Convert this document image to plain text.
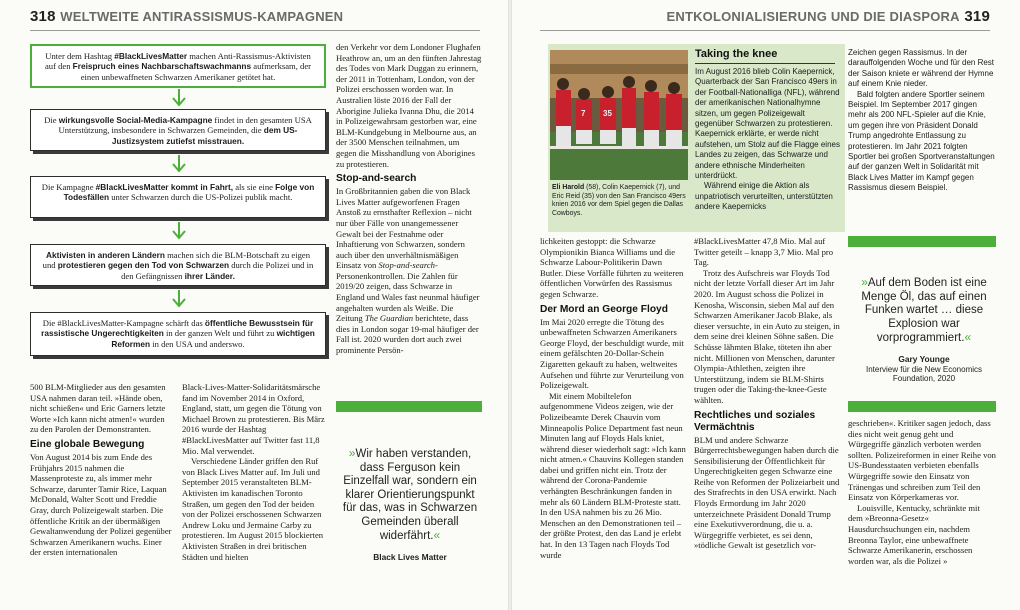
318 WELTWEITE ANTIRASSISMUS-KAMPAGNEN
Unter dem Hashtag #BlackLivesMatter machen Anti-Rassismus-Aktivisten auf den Freispruch eines Nachbarschaftswachmanns aufmerksam, der einen unbewaffneten Schwarzen Amerikaner getötet hat.
Die wirkungsvolle Social-Media-Kampagne findet in den gesamten USA Unterstützung, insbesondere in Schwarzen Gemeinden, die dem US-Justizsystem zutiefst misstrauen.
Die Kampagne #BlackLivesMatter kommt in Fahrt, als sie eine Folge von Todesfällen unter Schwarzen durch die US-Polizei publik macht.
Aktivisten in anderen Ländern machen sich die BLM-Botschaft zu eigen und protestieren gegen den Tod von Schwarzen durch die Polizei und in den Gefängnissen ihrer Länder.
Die #BlackLivesMatter-Kampagne schärft das öffentliche Bewusstsein für rassistische Ungerechtigkeiten in der ganzen Welt und führt zu wichtigen Reformen in den USA und anderswo.

500 BLM-Mitglieder aus den gesamten USA nahmen daran teil. »Hände oben, nicht schießen« und Eric Garners letzte Worte »Ich kann nicht atmen!« wurden zu den Parolen der Demonstranten.

Eine globale Bewegung

Von August 2014 bis zum Ende des Frühjahrs 2015 nahmen die Massenproteste zu, als immer mehr Schwarze, darunter Tamir Rice, Laquan McDonald, Walter Scott und Freddie Gray, durch Polizeigewalt starben. Die öffentliche Kritik an der übermäßigen Gewaltanwendung der Polizei gegenüber Schwarzen Amerikanern wuchs. Einer der ersten internationalen

Black-Lives-Matter-Solidaritätsmärsche fand im November 2014 in Oxford, England, statt, um gegen die Tötung von Michael Brown zu protestieren. Bis März 2016 wurde der Hashtag #BlackLivesMatter auf Twitter fast 11,8 Mio. Mal verwendet.

Verschiedene Länder griffen den Ruf von Black Lives Matter auf. Im Juli und September 2015 veranstalteten BLM-Aktivisten im kanadischen Toronto Straßen, um gegen den Tod der beiden von der Polizei erschossenen Schwarzen Andrew Loku und Jermaine Carby zu protestieren. Im August 2015 blockierten Aktivisten Straßen in drei britischen Städten und hielten

den Verkehr vor dem Londoner Flughafen Heathrow an, um an den fünften Jahrestag des Todes von Mark Duggan zu erinnern, der 2011 in Tottenham, London, von der Polizei erschossen worden war. In Australien löste 2016 der Fall der Aborigine Julieka Ivanna Dhu, die 2014 in Polizeigewahrsam gestorben war, eine BLM-Kundgebung in Melbourne aus, an der 3500 Menschen teilnahmen, um gegen die Misshandlung von Aborigines zu protestieren.

Stop-and-search

In Großbritannien gaben die von Black Lives Matter aufgeworfenen Fragen Anstoß zu ernsthafter Reflexion – nicht nur über Fälle von unangemessener Gewalt bei der Festnahme oder Inhaftierung von Schwarzen, sondern auch über den unverhältnismäßigen Einsatz von Stop-and-search-Personenkontrollen. Die Zahlen für 2019/20 zeigen, dass Schwarze in England und Wales fast neunmal häufiger angehalten wurden als Weiße. Die Zeitung The Guardian berichtete, dass dies in London sogar 19-mal häufiger der Fall ist. 2020 wurden dort auch zwei prominente Persön-

»Wir haben verstanden, dass Ferguson kein Einzelfall war, sondern ein klarer Orientierungspunkt für das, was in Schwarzen Gemeinden überall widerfährt.«
Black Lives Matter
ENTKOLONIALISIERUNG UND DIE DIASPORA 319
7 35
Eli Harold (58), Colin Kaepernick (7), und Eric Reid (35) von den San Francisco 49ers knien 2016 vor dem Spiel gegen die Dallas Cowboys.
Taking the knee

Im August 2016 blieb Colin Kaepernick, Quarterback der San Francisco 49ers in der Football-Nationalliga (NFL), während der amerikanischen Nationalhymne sitzen, um gegen Polizeigewalt gegenüber Schwarzen zu protestieren. Kaepernick erklärte, er werde nicht aufstehen, um Stolz auf die Flagge eines Landes zu zeigen, das Schwarze und andere ethnische Minderheiten unterdrückt.

Während einige die Aktion als unpatriotisch verurteilten, unterstützten andere Kaepernicks

Zeichen gegen Rassismus. In der darauffolgenden Woche und für den Rest der Saison kniete er während der Hymne auf einem Knie nieder.

Bald folgten andere Sportler seinem Beispiel. Im September 2017 gingen mehr als 200 NFL-Spieler auf die Knie, um gegen ihre von Präsident Donald Trump angedrohte Entlassung zu protestieren. Im Jahr 2021 folgten Sportler bei großen Sportveranstaltungen auf der ganzen Welt in Solidarität mit Black Lives Matter im Kampf gegen Rassismus diesem Beispiel.

lichkeiten gestoppt: die Schwarze Olympionikin Bianca Williams und die Schwarze Labour-Politikerin Dawn Butler. Diese Vorfälle führten zu weiteren öffentlichen Vorwürfen des Rassismus gegen Schwarze.

Der Mord an George Floyd

Im Mai 2020 erregte die Tötung des unbewaffneten Schwarzen Amerikaners George Floyd, der beschuldigt wurde, mit einem gefälschten 20-Dollar-Schein Zigaretten gekauft zu haben, weltweites Aufsehen und führte zur Verurteilung von Polizeigewalt.

Mit einem Mobiltelefon aufgenommene Videos zeigen, wie der Polizeibeamte Derek Chauvin vom Minneapolis Police Department fast neun Minuten lang auf Floyds Hals kniet, während dieser wiederholt sagt: »Ich kann nicht atmen.« Chauvins Kollegen standen dabei und griffen nicht ein. Trotz der während der Corona-Pandemie verhängten Beschränkungen fanden in mehr als 60 Ländern BLM-Proteste statt. In den USA nahmen bis zu 26 Mio. Menschen an den Demonstrationen teil – der größte Protest, den das Land je erlebt hat. In den 13 Tagen nach Floyds Tod wurde

#BlackLivesMatter 47,8 Mio. Mal auf Twitter geteilt – knapp 3,7 Mio. Mal pro Tag.

Trotz des Aufschreis war Floyds Tod nicht der letzte Vorfall dieser Art im Jahr 2020. Im August schoss die Polizei in Kenosha, Wisconsin, sieben Mal auf den Schwarzen Amerikaner Jacob Blake, als dieser versuchte, in ein Auto zu steigen, in dem seine drei kleinen Söhne saßen. Die Schüsse lähmten Blake, töteten ihn aber nicht. Millionen von Menschen, darunter Olympia-Athlethen, zeigten ihre Unterstützung, indem sie BLM-Shirts trugen oder die Taking-the-knee-Geste wählten.

Rechtliches und soziales Vermächtnis

BLM und andere Schwarze Bürgerrechtsbewegungen haben durch die Sensibilisierung der Öffentlichkeit für Ungerechtigkeiten gegen Schwarze eine Reihe von Reformen der Polizeiarbeit und des Strafrechts in den USA erwirkt. Nach Floyds Ermordung im Jahr 2020 unterzeichnete Präsident Donald Trump eine Exekutivverordnung, die u. a. Würgegriffe verbietet, es sei denn, »tödliche Gewalt ist gesetzlich vor-

»Auf dem Boden ist eine Menge Öl, das auf einen Funken wartet … diese Explosion war vorprogrammiert.«
Gary Younge
Interview für die New Economics Foundation, 2020

geschrieben«. Kritiker sagen jedoch, dass dies nicht weit genug geht und Würgegriffe gänzlich verboten werden sollten. Polizeireformen in einer Reihe von US-Bundesstaaten verbieten ebenfalls Würgegriffe sowie den Einsatz von Tränengas und schreiben zum Teil den Einsatz von Körperkameras vor.

Louisville, Kentucky, schränkte mit dem »Breonna-Gesetz« Hausdurchsuchungen ein, nachdem Breonna Taylor, eine unbewaffnete Schwarze Amerikanerin, erschossen worden war, als die Polizei »
